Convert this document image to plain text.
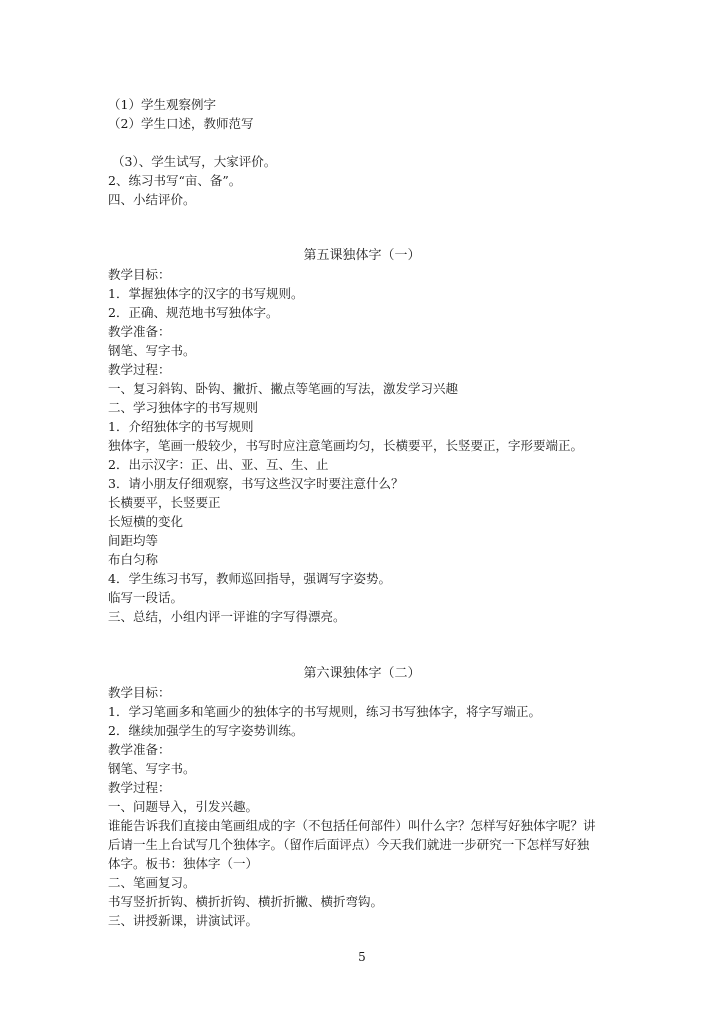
（1）学生观察例字
（2）学生口述，教师范写
（3）、学生试写，大家评价。
2、练习书写“亩、备”。
四、小结评价。
第五课独体字（一）
教学目标：
1．掌握独体字的汉字的书写规则。
2．正确、规范地书写独体字。
教学准备：
钢笔、写字书。
教学过程：
一、复习斜钩、卧钩、撇折、撇点等笔画的写法，激发学习兴趣
二、学习独体字的书写规则
1．介绍独体字的书写规则
独体字，笔画一般较少，书写时应注意笔画均匀，长横要平，长竖要正，字形要端正。
2．出示汉字：正、出、亚、互、生、止
3．请小朋友仔细观察，书写这些汉字时要注意什么？
长横要平，长竖要正
长短横的变化
间距均等
布白匀称
4．学生练习书写，教师巡回指导，强调写字姿势。
临写一段话。
三、总结，小组内评一评谁的字写得漂亮。
第六课独体字（二）
教学目标：
1．学习笔画多和笔画少的独体字的书写规则，练习书写独体字，将字写端正。
2．继续加强学生的写字姿势训练。
教学准备：
钢笔、写字书。
教学过程：
一、问题导入，引发兴趣。
谁能告诉我们直接由笔画组成的字（不包括任何部件）叫什么字？怎样写好独体字呢？讲
后请一生上台试写几个独体字。（留作后面评点）今天我们就进一步研究一下怎样写好独
体字。板书：独体字（一）
二、笔画复习。
书写竖折折钩、横折折钩、横折折撇、横折弯钩。
三、讲授新课，讲演试评。
5
